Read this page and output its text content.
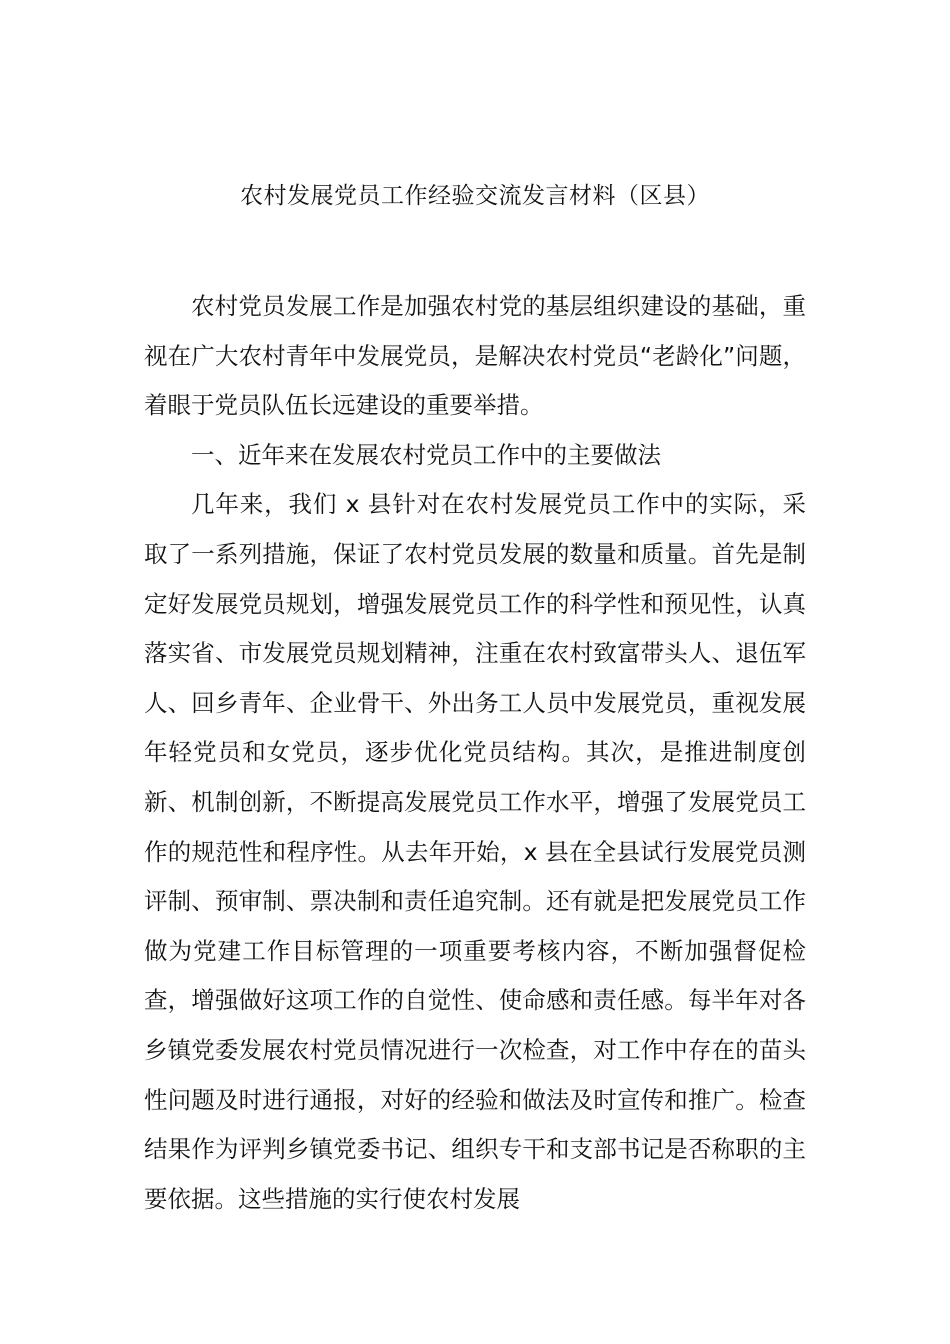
农村发展党员工作经验交流发言材料（区县）

农村党员发展工作是加强农村党的基层组织建设的基础，重视在广大农村青年中发展党员，是解决农村党员“老龄化”问题，着眼于党员队伍长远建设的重要举措。

一、近年来在发展农村党员工作中的主要做法

几年来，我们 x 县针对在农村发展党员工作中的实际，采取了一系列措施，保证了农村党员发展的数量和质量。首先是制定好发展党员规划，增强发展党员工作的科学性和预见性，认真落实省、市发展党员规划精神，注重在农村致富带头人、退伍军人、回乡青年、企业骨干、外出务工人员中发展党员，重视发展年轻党员和女党员，逐步优化党员结构。其次，是推进制度创新、机制创新，不断提高发展党员工作水平，增强了发展党员工作的规范性和程序性。从去年开始，x 县在全县试行发展党员测评制、预审制、票决制和责任追究制。还有就是把发展党员工作做为党建工作目标管理的一项重要考核内容，不断加强督促检查，增强做好这项工作的自觉性、使命感和责任感。每半年对各乡镇党委发展农村党员情况进行一次检查，对工作中存在的苗头性问题及时进行通报，对好的经验和做法及时宣传和推广。检查结果作为评判乡镇党委书记、组织专干和支部书记是否称职的主要依据。这些措施的实行使农村发展
